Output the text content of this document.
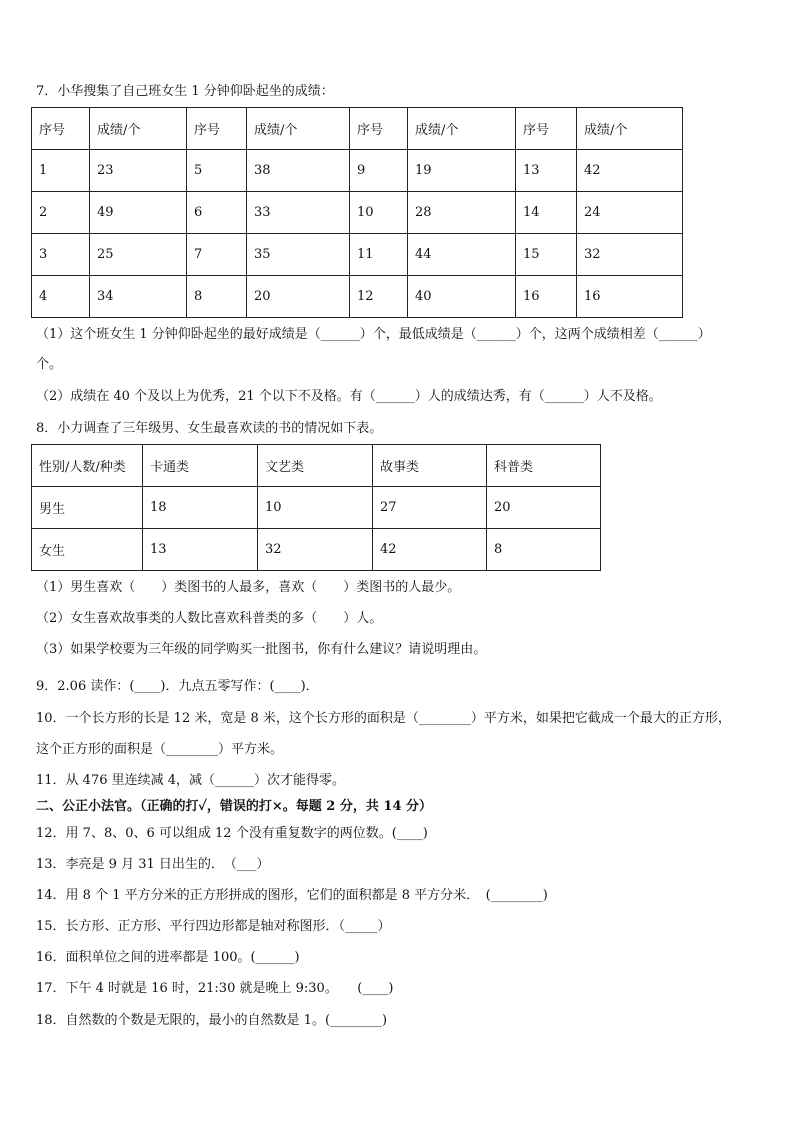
7．小华搜集了自己班女生 1 分钟仰卧起坐的成绩：
序号	成绩/个	序号	成绩/个	序号	成绩/个	序号	成绩/个
1	23	5	38	9	19	13	42
2	49	6	33	10	28	14	24
3	25	7	35	11	44	15	32
4	34	8	20	12	40	16	16
（1）这个班女生 1 分钟仰卧起坐的最好成绩是（______）个，最低成绩是（______）个，这两个成绩相差（______）
个。
（2）成绩在 40 个及以上为优秀，21 个以下不及格。有（______）人的成绩达秀，有（______）人不及格。
8．小力调查了三年级男、女生最喜欢读的书的情况如下表。
性别/人数/种类	卡通类	文艺类	故事类	科普类
男生	18	10	27	20
女生	13	32	42	8
（1）男生喜欢（　　）类图书的人最多，喜欢（　　）类图书的人最少。
（2）女生喜欢故事类的人数比喜欢科普类的多（　　）人。
（3）如果学校要为三年级的同学购买一批图书，你有什么建议？请说明理由。
9．2.06 读作：(____)．九点五零写作：(____)．
10．一个长方形的长是 12 米，宽是 8 米，这个长方形的面积是（________）平方米，如果把它截成一个最大的正方形，
这个正方形的面积是（________）平方米。
11．从 476 里连续减 4，减（______）次才能得零。
二、公正小法官。（正确的打✓，错误的打×。每题 2 分，共 14 分）
12．用 7、8、0、6 可以组成 12 个没有重复数字的两位数。(____)
13．李亮是 9 月 31 日出生的．　（___）
14．用 8 个 1 平方分米的正方形拼成的图形，它们的面积都是 8 平方分米．　(________)
15．长方形、正方形、平行四边形都是轴对称图形．（_____）
16．面积单位之间的进率都是 100。(______)
17．下午 4 时就是 16 时，21:30 就是晚上 9:30。　　(____)
18．自然数的个数是无限的，最小的自然数是 1。(________)
